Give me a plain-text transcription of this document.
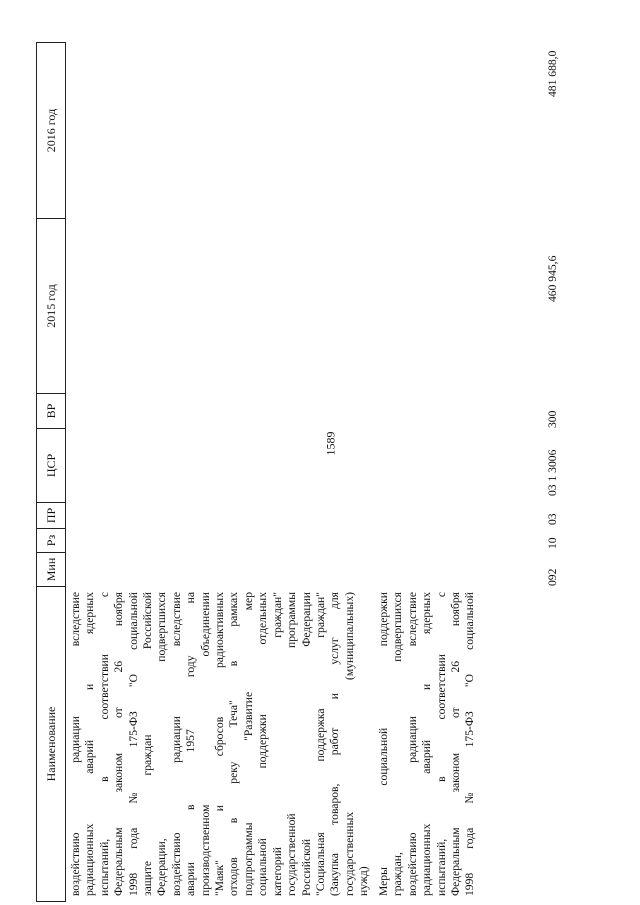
1589
Наименование
Мин
Рз
ПР
ЦСР
ВР
2015 год
2016 год
воздействию радиации вследствие радиационных аварий и ядерных испытаний, в соответствии с Федеральным законом от 26 ноября 1998 года № 175-ФЗ "О социальной защите граждан Российской Федерации, подвергшихся воздействию радиации вследствие аварии в 1957 году на производственном объединении "Маяк" и сбросов радиоактивных отходов в реку Теча" в рамках подпрограммы "Развитие мер социальной поддержки отдельных категорий граждан" государственной программы Российской Федерации "Социальная поддержка граждан" (Закупка товаров, работ и услуг для государственных (муниципальных) нужд) Меры социальной поддержки граждан, подвергшихся воздействию радиации вследствие радиационных аварий и ядерных испытаний, в соответствии с Федеральным законом от 26 ноября 1998 года № 175-ФЗ "О социальной
092
10
03
03 1 3006
300
460 945,6
481 688,0
